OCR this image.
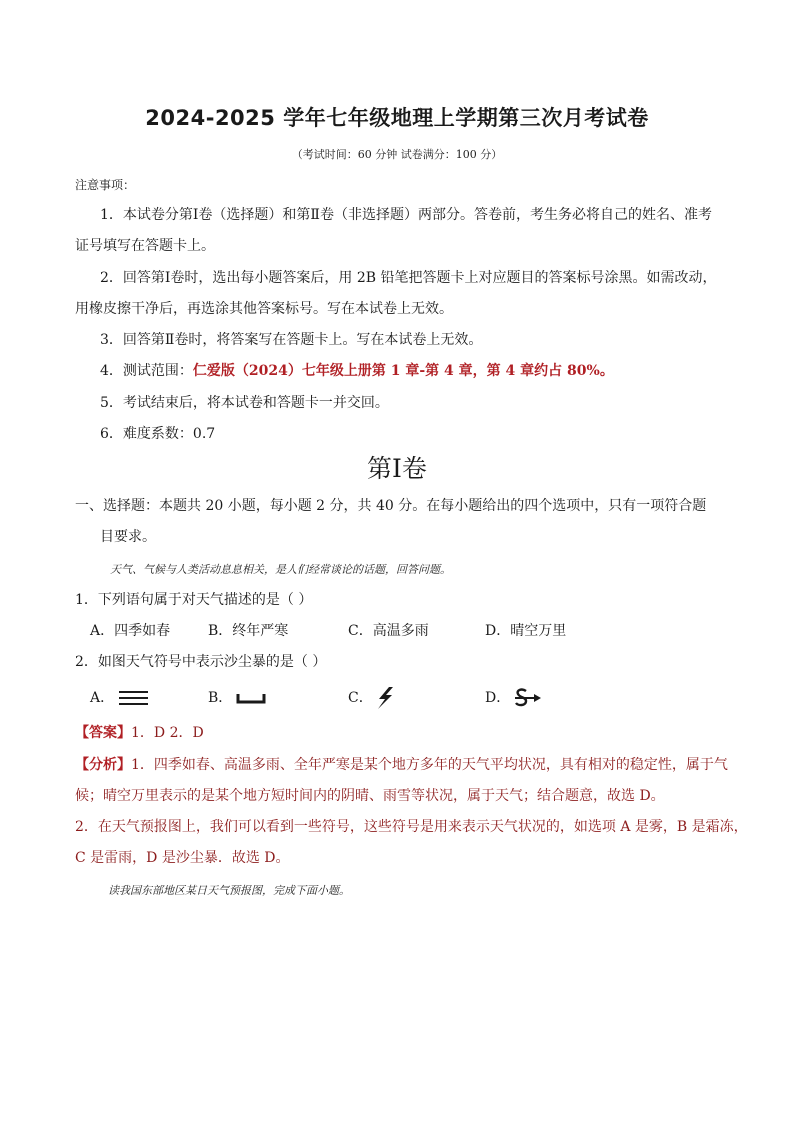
2024-2025 学年七年级地理上学期第三次月考试卷
（考试时间：60 分钟 试卷满分：100 分）
注意事项：
1．本试卷分第Ⅰ卷（选择题）和第Ⅱ卷（非选择题）两部分。答卷前，考生务必将自己的姓名、准考
证号填写在答题卡上。
2．回答第Ⅰ卷时，选出每小题答案后，用 2B 铅笔把答题卡上对应题目的答案标号涂黑。如需改动，
用橡皮擦干净后，再选涂其他答案标号。写在本试卷上无效。
3．回答第Ⅱ卷时，将答案写在答题卡上。写在本试卷上无效。
4．测试范围：仁爱版（2024）七年级上册第 1 章-第 4 章，第 4 章约占 80%。
5．考试结束后，将本试卷和答题卡一并交回。
6．难度系数：0.7
第Ⅰ卷
一、选择题：本题共 20 小题，每小题 2 分，共 40 分。在每小题给出的四个选项中，只有一项符合题
目要求。
天气、气候与人类活动息息相关，是人们经常谈论的话题，回答问题。
1．下列语句属于对天气描述的是（ ）
A．四季如春	B．终年严寒	C．高温多雨	D．晴空万里
2．如图天气符号中表示沙尘暴的是（ ）
A．	B．	C．	D．
【答案】1．D 2．D
【分析】1．四季如春、高温多雨、全年严寒是某个地方多年的天气平均状况，具有相对的稳定性，属于气
候；晴空万里表示的是某个地方短时间内的阴晴、雨雪等状况，属于天气；结合题意，故选 D。
2．在天气预报图上，我们可以看到一些符号，这些符号是用来表示天气状况的，如选项 A 是雾，B 是霜冻，
C 是雷雨，D 是沙尘暴．故选 D。
读我国东部地区某日天气预报图，完成下面小题。
